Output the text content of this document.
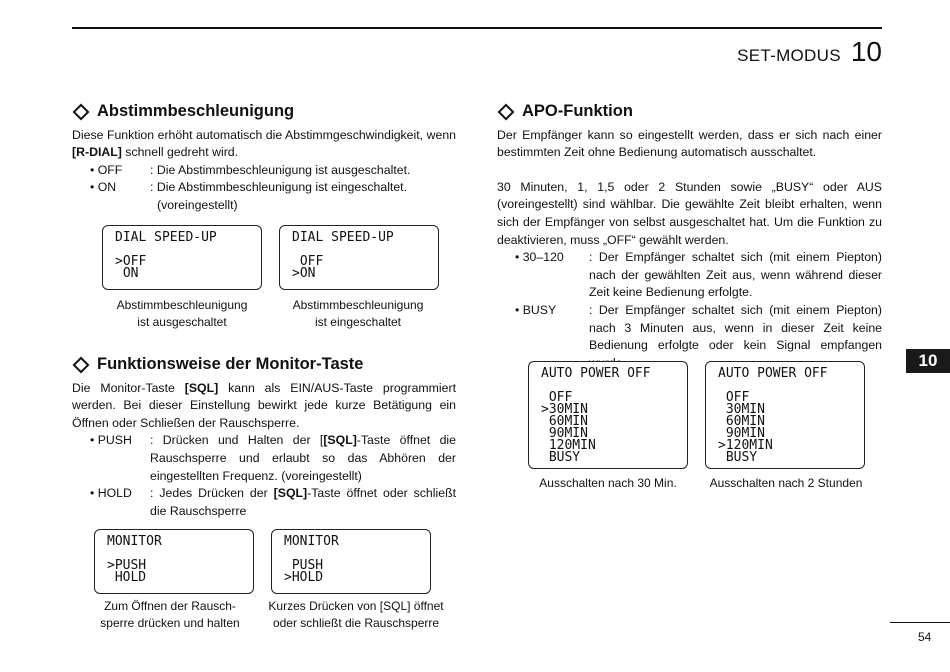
SET-MODUS 10
10
54
Abstimmbeschleunigung

Diese Funktion erhöht automatisch die Abstimmgeschwindigkeit, wenn [R-DIAL] schnell gedreht wird.

• OFF	: Die Abstimmbeschleunigung ist ausgeschaltet.
• ON	: Die Abstimmbeschleunigung ist eingeschaltet.
(voreingestellt)
DIAL SPEED-UP
>OFF
ON
DIAL SPEED-UP
OFF
>ON
Abstimmbeschleunigung
ist ausgeschaltet
Abstimmbeschleunigung
ist eingeschaltet
Funktionsweise der Monitor-Taste

Die Monitor-Taste [SQL] kann als EIN/AUS-Taste programmiert werden. Bei dieser Einstellung bewirkt jede kurze Betätigung ein Öffnen oder Schließen der Rauschsperre.

• PUSH	: Drücken und Halten der [[SQL]-Taste öffnet die Rauschsperre und erlaubt so das Abhören der eingestellten Frequenz. (voreingestellt)
• HOLD	: Jedes Drücken der [SQL]-Taste öffnet oder schließt die Rauschsperre
MONITOR
>PUSH
HOLD
MONITOR
PUSH
>HOLD
Zum Öffnen der Rausch-
sperre drücken und halten
Kurzes Drücken von [SQL] öffnet
oder schließt die Rauschsperre
APO-Funktion

Der Empfänger kann so eingestellt werden, dass er sich nach einer bestimmten Zeit ohne Bedienung automatisch ausschaltet.

30 Minuten, 1, 1,5 oder 2 Stunden sowie „BUSY“ oder AUS (voreingestellt) sind wählbar. Die gewählte Zeit bleibt erhalten, wenn sich der Empfänger von selbst ausgeschaltet hat. Um die Funktion zu deaktivieren, muss „OFF“ gewählt werden.

• 30–120	: Der Empfänger schaltet sich (mit einem Piepton) nach der gewählten Zeit aus, wenn während dieser Zeit keine Bedienung erfolgte.
• BUSY	: Der Empfänger schaltet sich (mit einem Piepton) nach 3 Minuten aus, wenn in dieser Zeit keine Bedienung erfolgte oder kein Signal empfangen
AUTO POWER OFF
OFF
>30MIN
60MIN
90MIN
120MIN
BUSY
AUTO POWER OFF
OFF
30MIN
60MIN
90MIN
>120MIN
BUSY
Ausschalten nach 30 Min.	Ausschalten nach 2 Stunden
